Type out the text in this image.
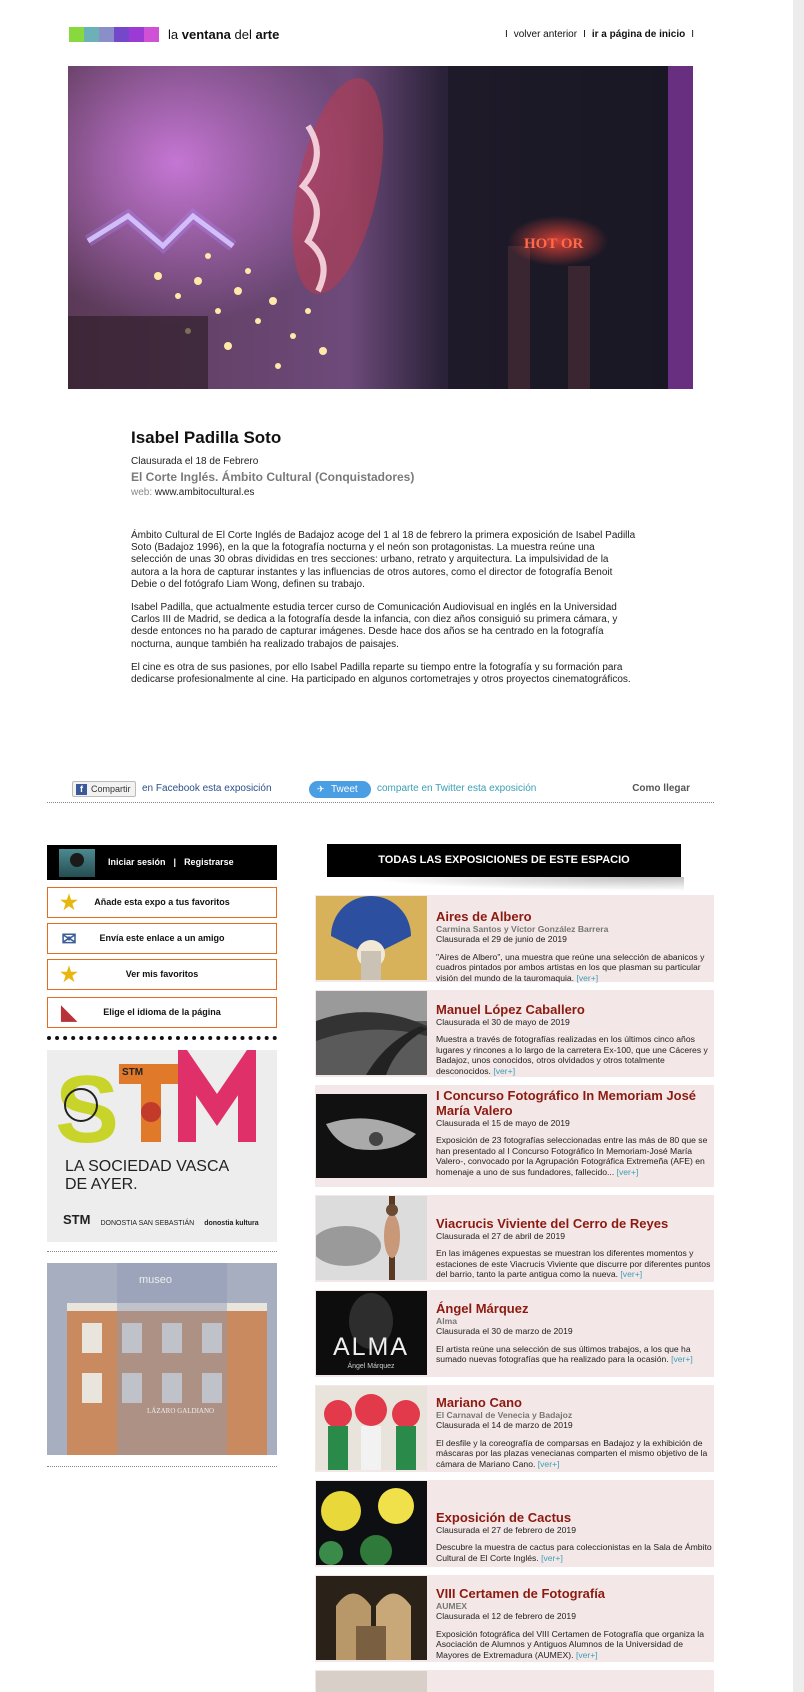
la ventana del arte	I volver anterior I ir a página de inicio I
HOT OR
Isabel Padilla Soto
Clausurada el 18 de Febrero
El Corte Inglés. Ámbito Cultural (Conquistadores)
web: www.ambitocultural.es

Ámbito Cultural de El Corte Inglés de Badajoz acoge del 1 al 18 de febrero la primera exposición de Isabel Padilla Soto (Badajoz 1996), en la que la fotografía nocturna y el neón son protagonistas. La muestra reúne una selección de unas 30 obras divididas en tres secciones: urbano, retrato y arquitectura. La impulsividad de la autora a la hora de capturar instantes y las influencias de otros autores, como el director de fotografía Benoit Debie o del fotógrafo Liam Wong, definen su trabajo.

Isabel Padilla, que actualmente estudia tercer curso de Comunicación Audiovisual en inglés en la Universidad Carlos III de Madrid, se dedica a la fotografía desde la infancia, con diez años consiguió su primera cámara, y desde entonces no ha parado de capturar imágenes. Desde hace dos años se ha centrado en la fotografía nocturna, aunque también ha realizado trabajos de paisajes.

El cine es otra de sus pasiones, por ello Isabel Padilla reparte su tiempo entre la fotografía y su formación para dedicarse profesionalmente al cine. Ha participado en algunos cortometrajes y otros proyectos cinematográficos.

f Compartir	en Facebook esta exposición	✈ Tweet	comparte en Twitter esta exposición	Como llegar
Iniciar sesión | Registrarse
★ Añade esta expo a tus favoritos
✉	Envía este enlace a un amigo
★	Ver mis favoritos
◣	Elige el idioma de la página
S STM
LA SOCIEDAD VASCA
DE AYER.
STM DONOSTIA SAN SEBASTIÁN donostia kultura
museo
LÁZARO GALDIANO
TODAS LAS EXPOSICIONES DE ESTE ESPACIO
Aires de Albero
Carmina Santos y Víctor González Barrera
Clausurada el 29 de junio de 2019
"Aires de Albero", una muestra que reúne una selección de abanicos y cuadros pintados por ambos artistas en los que plasman su particular visión del mundo de la tauromaquia. [ver+]
Manuel López Caballero
Clausurada el 30 de mayo de 2019
Muestra a través de fotografías realizadas en los últimos cinco años lugares y rincones a lo largo de la carretera Ex-100, que une Cáceres y Badajoz, unos conocidos, otros olvidados y otros totalmente desconocidos. [ver+]
I Concurso Fotográfico In Memoriam José María Valero
Clausurada el 15 de mayo de 2019
Exposición de 23 fotografías seleccionadas entre las más de 80 que se han presentado al I Concurso Fotográfico In Memoriam-José María Valero-, convocado por la Agrupación Fotográfica Extremeña (AFE) en homenaje a uno de sus fundadores, fallecido... [ver+]
Viacrucis Viviente del Cerro de Reyes
Clausurada el 27 de abril de 2019
En las imágenes expuestas se muestran los diferentes momentos y estaciones de este Viacrucis Viviente que discurre por diferentes puntos del barrio, tanto la parte antigua como la nueva. [ver+]
ALMA
Ángel Márquez
Ángel Márquez
Alma
Clausurada el 30 de marzo de 2019
El artista reúne una selección de sus últimos trabajos, a los que ha sumado nuevas fotografías que ha realizado para la ocasión. [ver+]
Mariano Cano
El Carnaval de Venecia y Badajoz
Clausurada el 14 de marzo de 2019
El desfile y la coreografía de comparsas en Badajoz y la exhibición de máscaras por las plazas venecianas comparten el mismo objetivo de la cámara de Mariano Cano. [ver+]
Exposición de Cactus
Clausurada el 27 de febrero de 2019
Descubre la muestra de cactus para coleccionistas en la Sala de Ámbito Cultural de El Corte Inglés. [ver+]
VIII Certamen de Fotografía
AUMEX
Clausurada el 12 de febrero de 2019
Exposición fotográfica del VIII Certamen de Fotografía que organiza la Asociación de Alumnos y Antiguos Alumnos de la Universidad de Mayores de Extremadura (AUMEX). [ver+]
